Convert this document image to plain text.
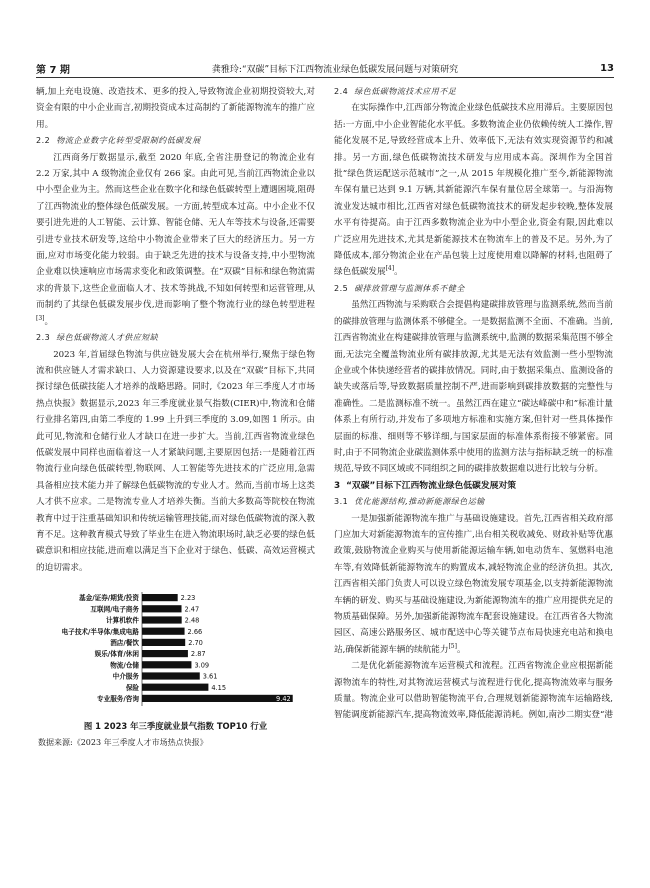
第 7 期	龚雅玲:“双碳”目标下江西物流业绿色低碳发展问题与对策研究	13
辆,加上充电设施、改造技术、更多的投入,导致物流企业初期投资较大,对资金有限的中小企业而言,初期投资成本过高制约了新能源物流车的推广应用。
2.2 物流企业数字化转型受限制约低碳发展
江西商务厅数据显示,截至 2020 年底,全省注册登记的物流企业有 2.2 万家,其中 A 级物流企业仅有 266 家。由此可见,当前江西物流企业以中小型企业为主。然而这些企业在数字化和绿色低碳转型上遭遇困境,阻碍了江西物流业的整体绿色低碳发展。一方面,转型成本过高。中小企业不仅要引进先进的人工智能、云计算、智能仓储、无人车等技术与设备,还需要引进专业技术研发等,这给中小物流企业带来了巨大的经济压力。另一方面,应对市场变化能力较弱。由于缺乏先进的技术与设备支持,中小型物流企业难以快速响应市场需求变化和政策调整。在“双碳”目标和绿色物流需求的背景下,这些企业面临人才、技术等挑战,不知如何转型和运营管理,从而制约了其绿色低碳发展步伐,进而影响了整个物流行业的绿色转型进程[3]。
2.3 绿色低碳物流人才供应短缺
2023 年,首届绿色物流与供应链发展大会在杭州举行,聚焦于绿色物流和供应链人才需求缺口、人力资源建设要求,以及在“双碳”目标下,共同探讨绿色低碳技能人才培养的战略思路。同时,《2023 年三季度人才市场热点快报》数据显示,2023 年三季度就业景气指数(CIER)中,物流和仓储行业排名第四,由第二季度的 1.99 上升到三季度的 3.09,如图 1 所示。由此可见,物流和仓储行业人才缺口在进一步扩大。当前,江西省物流业绿色低碳发展中同样也面临着这一人才紧缺问题,主要原因包括:一是随着江西物流行业向绿色低碳转型,物联网、人工智能等先进技术的广泛应用,急需具备相应技术能力并了解绿色低碳物流的专业人才。然而,当前市场上这类人才供不应求。二是物流专业人才培养失衡。当前大多数高等院校在物流教育中过于注重基础知识和传统运输管理技能,而对绿色低碳物流的深入教育不足。这种教育模式导致了毕业生在进入物流职场时,缺乏必要的绿色低碳意识和相应技能,进而难以满足当下企业对于绿色、低碳、高效运营模式的迫切需求。
基金/证券/期货/投资	2.23
互联网/电子商务	2.47
计算机软件	2.48
电子技术/半导体/集成电路	2.66
酒店/餐饮	2.70
娱乐/体育/休闲	2.87
物流/仓储	3.09
中介服务	3.61
保险	4.15
专业服务/咨询	9.42
图 1 2023 年三季度就业景气指数 TOP10 行业
数据来源:《2023 年三季度人才市场热点快报》
2.4 绿色低碳物流技术应用不足
在实际操作中,江西部分物流企业绿色低碳技术应用滞后。主要原因包括:一方面,中小企业智能化水平低。多数物流企业仍依赖传统人工操作,智能化发展不足,导致经营成本上升、效率低下,无法有效实现资源节约和减排。另一方面,绿色低碳物流技术研发与应用成本高。深圳作为全国首批“绿色货运配送示范城市”之一,从 2015 年规模化推广至今,新能源物流车保有量已达到 9.1 万辆,其新能源汽车保有量位居全球第一。与沿海物流业发达城市相比,江西省对绿色低碳物流技术的研发起步较晚,整体发展水平有待提高。由于江西多数物流企业为中小型企业,资金有限,因此难以广泛应用先进技术,尤其是新能源技术在物流车上的普及不足。另外,为了降低成本,部分物流企业在产品包装上过度使用难以降解的材料,也阻碍了绿色低碳发展[4]。
2.5 碳排放管理与监测体系不健全
虽然江西物流与采购联合会提倡构建碳排放管理与监测系统,然而当前的碳排放管理与监测体系不够健全。一是数据监测不全面、不准确。当前,江西省物流业在构建碳排放管理与监测系统中,监测的数据采集范围不够全面,无法完全覆盖物流业所有碳排放源,尤其是无法有效监测一些小型物流企业或个体快递经营者的碳排放情况。同时,由于数据采集点、监测设备的缺失或落后等,导致数据质量控制不严,进而影响到碳排放数据的完整性与准确性。二是监测标准不统一。虽然江西在建立“碳达峰碳中和”标准计量体系上有所行动,并发布了多项地方标准和实施方案,但针对一些具体操作层面的标准、细则等不够详细,与国家层面的标准体系衔接不够紧密。同时,由于不同物流企业碳监测体系中使用的监测方法与指标缺乏统一的标准规范,导致不同区域或不同组织之间的碳排放数据难以进行比较与分析。
3 “双碳”目标下江西物流业绿色低碳发展对策
3.1 优化能源结构,推动新能源绿色运输
一是加强新能源物流车推广与基础设施建设。首先,江西省相关政府部门应加大对新能源物流车的宣传推广,出台相关税收减免、财政补贴等优惠政策,鼓励物流企业购买与使用新能源运输车辆,如电动货车、氢燃料电池车等,有效降低新能源物流车的购置成本,减轻物流企业的经济负担。其次,江西省相关部门负责人可以设立绿色物流发展专项基金,以支持新能源物流车辆的研发、购买与基础设施建设,为新能源物流车的推广应用提供充足的物质基础保障。另外,加强新能源物流车配套设施建设。在江西省各大物流园区、高速公路服务区、城市配送中心等关键节点布局快速充电站和换电站,确保新能源车辆的续航能力[5]。
二是优化新能源物流车运营模式和流程。江西省物流企业应根据新能源物流车的特性,对其物流运营模式与流程进行优化,提高物流效率与服务质量。物流企业可以借助智能物流平台,合理规划新能源物流车运输路线,智能调度新能源汽车,提高物流效率,降低能源消耗。例如,南沙二期实登“港
